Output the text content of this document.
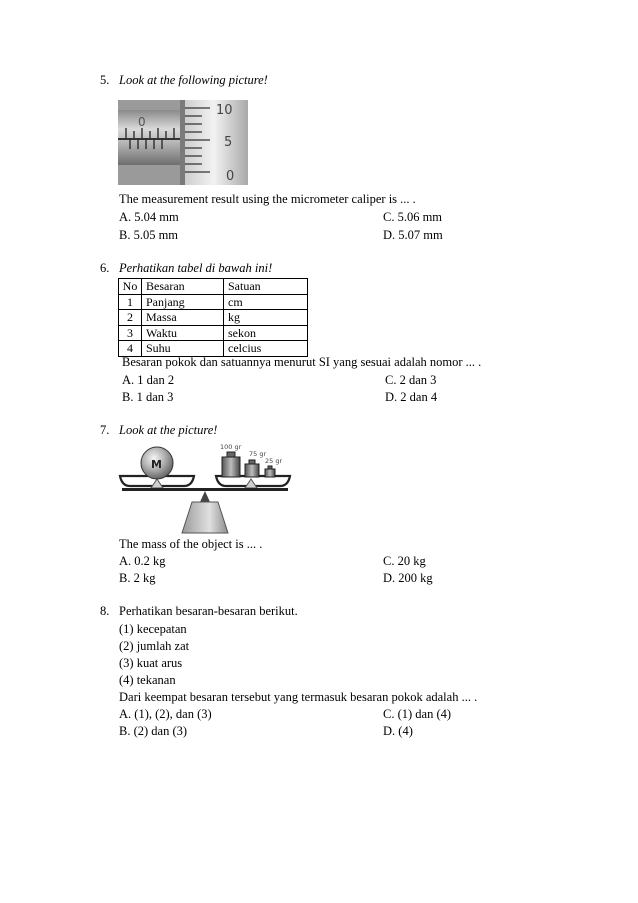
5. Look at the following picture!
0
10
5
0
The measurement result using the micrometer caliper is ... .
A. 5.04 mm	C. 5.06 mm
B. 5.05 mm	D. 5.07 mm
6. Perhatikan tabel di bawah ini!
No	Besaran	Satuan
1	Panjang	cm
2	Massa	kg
3	Waktu	sekon
4	Suhu	celcius
Besaran pokok dan satuannya menurut SI yang sesuai adalah nomor ... .
A. 1 dan 2	C. 2 dan 3
B. 1 dan 3	D. 2 dan 4
7. Look at the picture!
M
100 gr
75 gr
25 gr
The mass of the object is ... .
A. 0.2 kg	C. 20 kg
B. 2 kg	D. 200 kg
8. Perhatikan besaran-besaran berikut.
(1) kecepatan
(2) jumlah zat
(3) kuat arus
(4) tekanan
Dari keempat besaran tersebut yang termasuk besaran pokok adalah ... .
A. (1), (2), dan (3)	C. (1) dan (4)
B. (2) dan (3)	D. (4)
